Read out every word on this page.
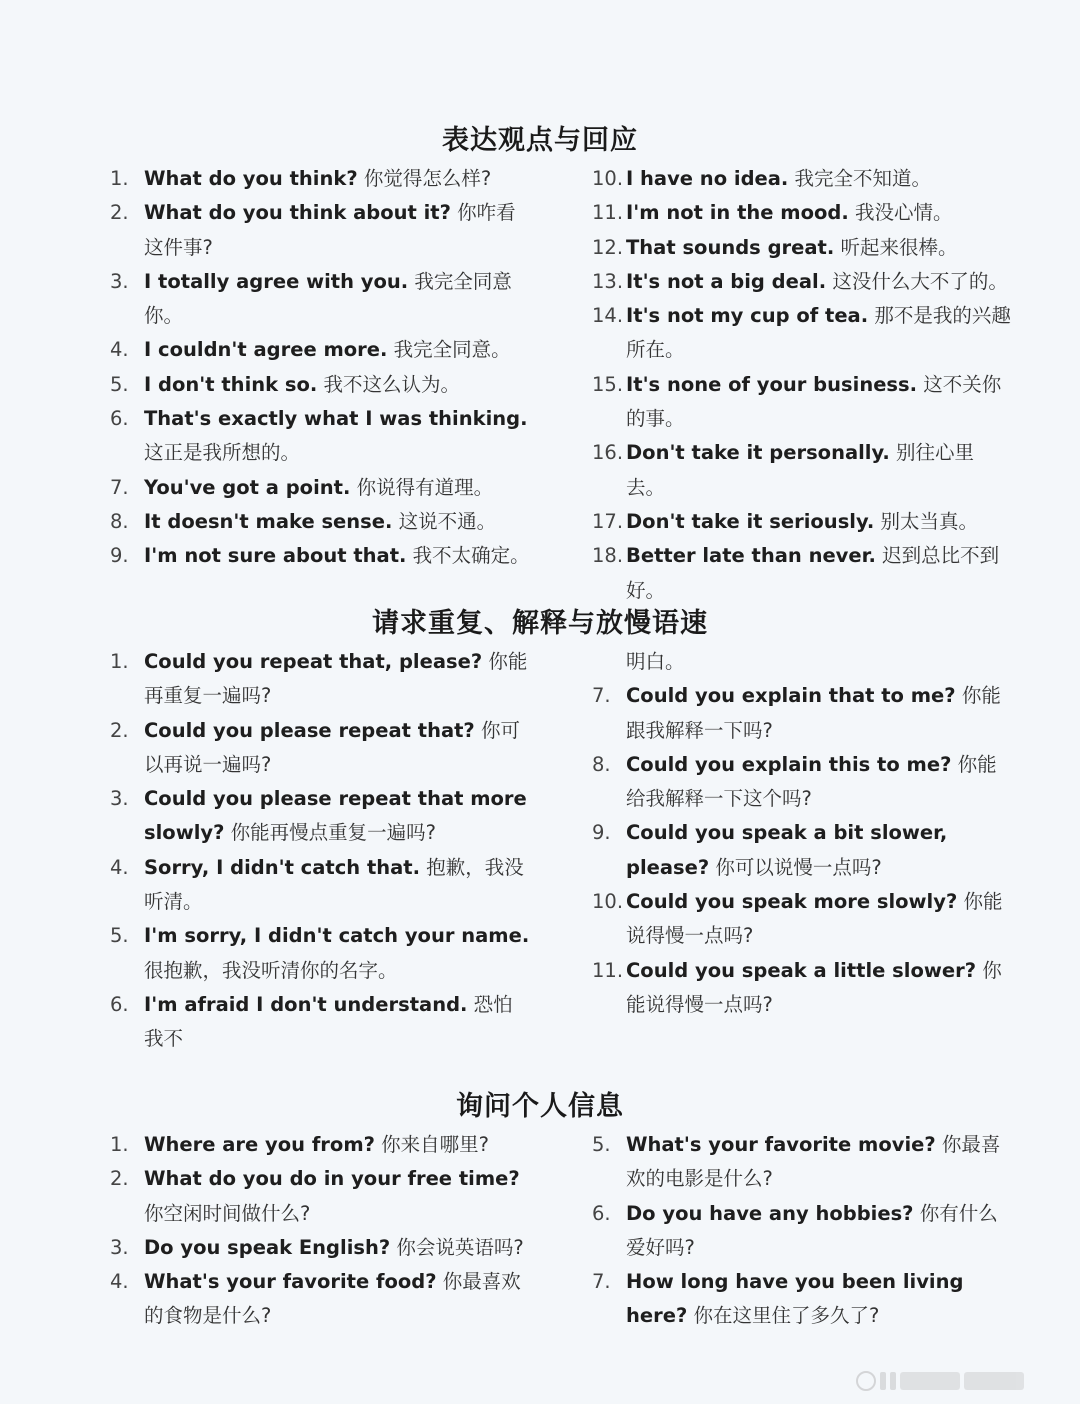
表达观点与回应
1. What do you think? 你觉得怎么样?
2. What do you think about it? 你咋看这件事?
3. I totally agree with you. 我完全同意你。
4. I couldn't agree more. 我完全同意。
5. I don't think so. 我不这么认为。
6. That's exactly what I was thinking. 这正是我所想的。
7. You've got a point. 你说得有道理。
8. It doesn't make sense. 这说不通。
9. I'm not sure about that. 我不太确定。
10. I have no idea. 我完全不知道。
11. I'm not in the mood. 我没心情。
12. That sounds great. 听起来很棒。
13. It's not a big deal. 这没什么大不了的。
14. It's not my cup of tea. 那不是我的兴趣所在。
15. It's none of your business. 这不关你的事。
16. Don't take it personally. 别往心里去。
17. Don't take it seriously. 别太当真。
18. Better late than never. 迟到总比不到好。
请求重复、解释与放慢语速
1. Could you repeat that, please? 你能再重复一遍吗?
2. Could you please repeat that? 你可以再说一遍吗?
3. Could you please repeat that more slowly? 你能再慢点重复一遍吗?
4. Sorry, I didn't catch that. 抱歉，我没听清。
5. I'm sorry, I didn't catch your name. 很抱歉，我没听清你的名字。
6. I'm afraid I don't understand. 恐怕我不
明白。
7. Could you explain that to me? 你能跟我解释一下吗?
8. Could you explain this to me? 你能给我解释一下这个吗?
9. Could you speak a bit slower, please? 你可以说慢一点吗?
10. Could you speak more slowly? 你能说得慢一点吗?
11. Could you speak a little slower? 你能说得慢一点吗?
询问个人信息
1. Where are you from? 你来自哪里?
2. What do you do in your free time? 你空闲时间做什么?
3. Do you speak English? 你会说英语吗?
4. What's your favorite food? 你最喜欢的食物是什么?
5. What's your favorite movie? 你最喜欢的电影是什么?
6. Do you have any hobbies? 你有什么爱好吗?
7. How long have you been living here? 你在这里住了多久了?
